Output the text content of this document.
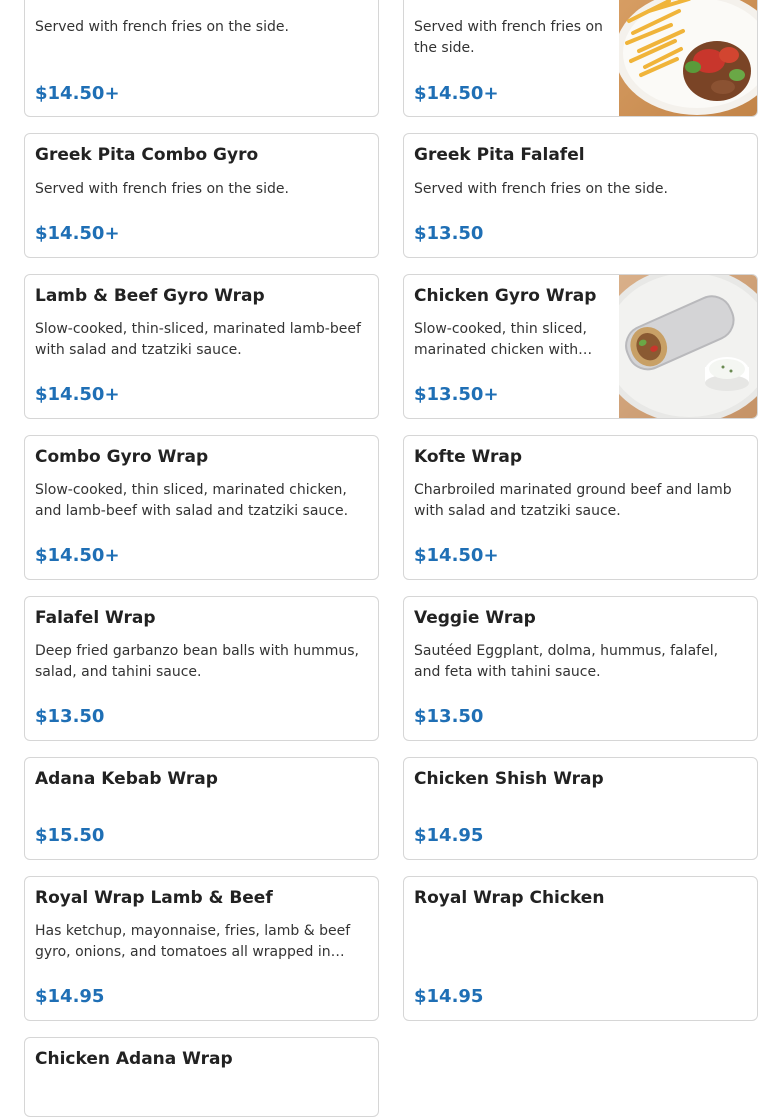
Served with french fries on the side.
$14.50+
Served with french fries on the side.
$14.50+
Greek Pita Combo Gyro
Served with french fries on the side.
$14.50+
Greek Pita Falafel
Served with french fries on the side.
$13.50
Lamb & Beef Gyro Wrap
Slow-cooked, thin-sliced, marinated lamb-beef with salad and tzatziki sauce.
$14.50+
Chicken Gyro Wrap
Slow-cooked, thin sliced, marinated chicken with…
$13.50+
Combo Gyro Wrap
Slow-cooked, thin sliced, marinated chicken, and lamb-beef with salad and tzatziki sauce.
$14.50+
Kofte Wrap
Charbroiled marinated ground beef and lamb with salad and tzatziki sauce.
$14.50+
Falafel Wrap
Deep fried garbanzo bean balls with hummus, salad, and tahini sauce.
$13.50
Veggie Wrap
Sautéed Eggplant, dolma, hummus, falafel, and feta with tahini sauce.
$13.50
Adana Kebab Wrap
$15.50
Chicken Shish Wrap
$14.95
Royal Wrap Lamb & Beef
Has ketchup, mayonnaise, fries, lamb & beef gyro, onions, and tomatoes all wrapped in…
$14.95
Royal Wrap Chicken
$14.95
Chicken Adana Wrap
